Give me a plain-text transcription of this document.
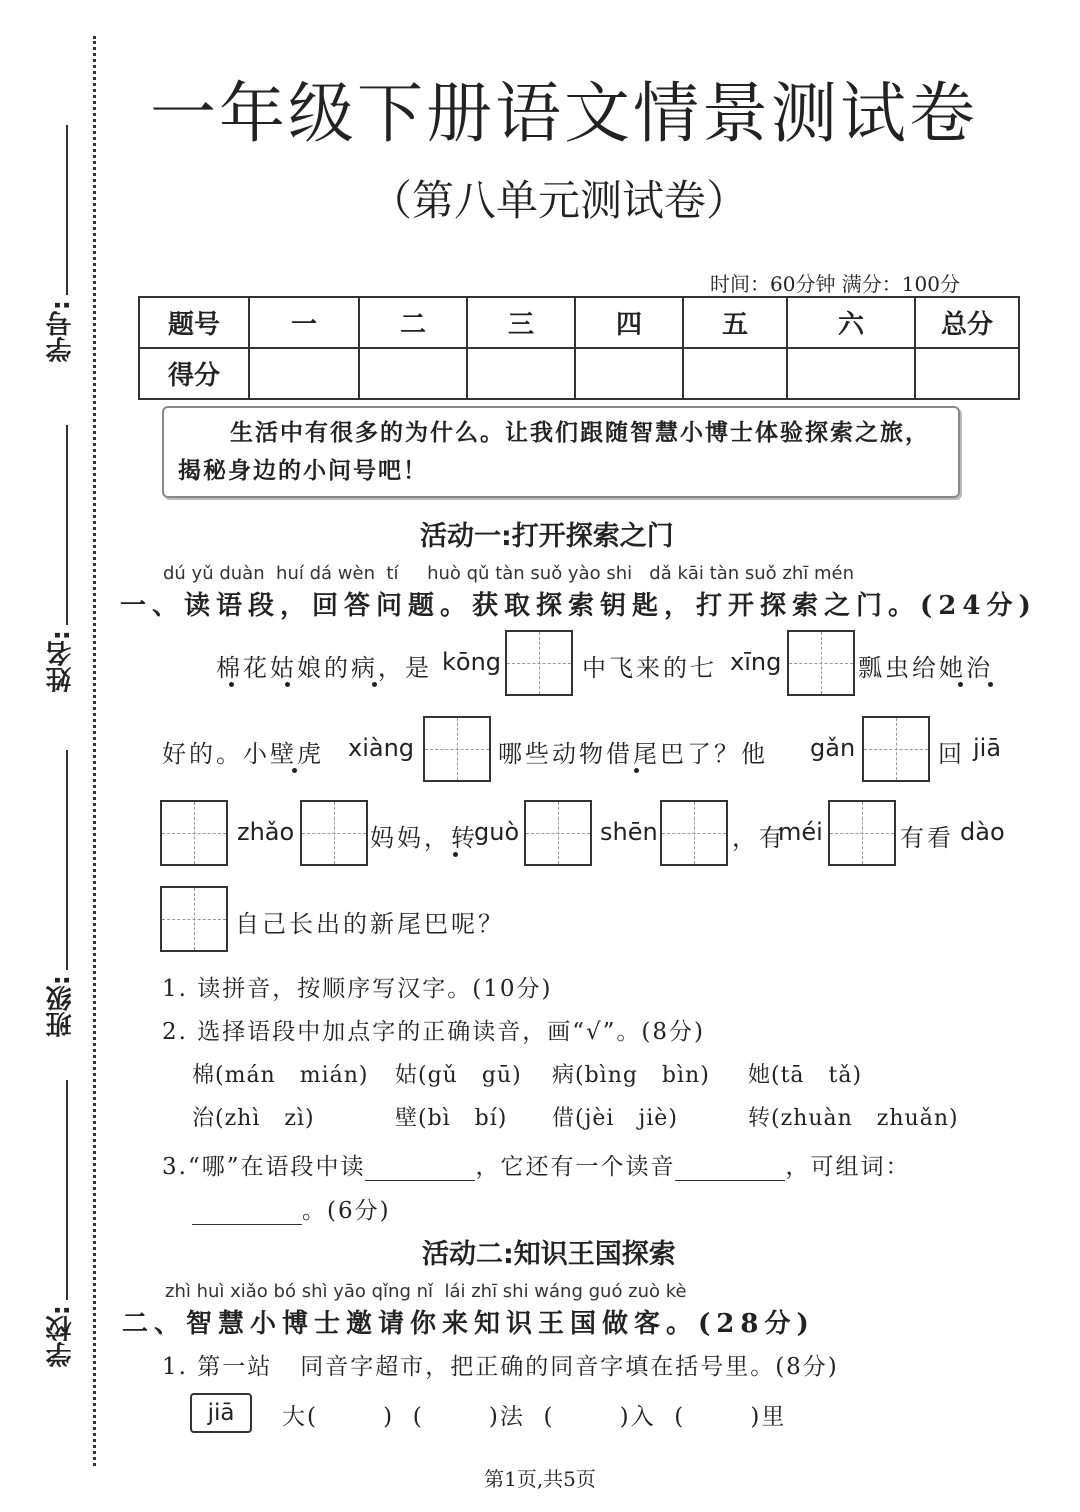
学号:
姓名:
班级:
学校:
一年级下册语文情景测试卷
（第八单元测试卷）
时间：60分钟 满分：100分
题号	一	二	三	四	五	六	总分
得分							
生活中有很多的为什么。让我们跟随智慧小博士体验探索之旅，揭秘身边的小问号吧！
活动一:打开探索之门
dú yǔ duàn  huí dá wèn  tí     huò qǔ tàn suǒ yào shi   dǎ kāi tàn suǒ zhī mén
一、读语段，回答问题。获取探索钥匙，打开探索之门。(24分)
棉花姑娘的病，是 kōng	中飞来的七 xīng	瓢虫给她治
好的。小壁虎 xiàng	哪些动物借尾巴了？他 gǎn	回 jiā
zhǎo	妈妈，转
guò	shēn	，有
méi	有看 dào
自己长出的新尾巴呢？
1. 读拼音，按顺序写汉字。(10分)
2. 选择语段中加点字的正确读音，画“√”。(8分)
棉(mán   mián) 姑(gǔ   gū) 病(bìng   bìn) 她(tā   tǎ)
治(zhì   zì)	壁(bì   bí) 借(jèi   jiè)	转(zhuàn   zhuǎn)
3.“哪”在语段中读	，它还有一个读音	，可组词：
。(6分)
活动二:知识王国探索
zhì huì xiǎo bó shì yāo qǐng nǐ  lái zhī shi wáng guó zuò kè
二、智慧小博士邀请你来知识王国做客。(28分)
1. 第一站   同音字超市，把正确的同音字填在括号里。(8分)
jiā	大(       )  (       )法  (       )入  (       )里
第1页,共5页
